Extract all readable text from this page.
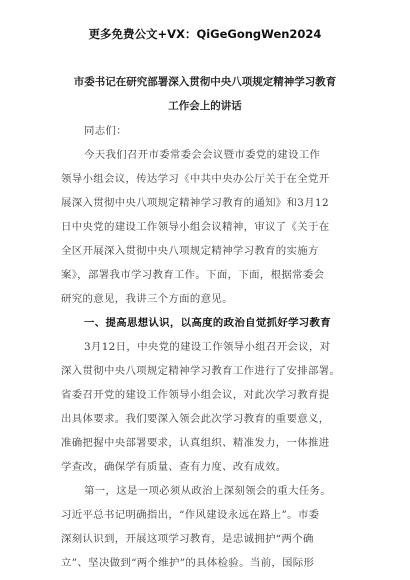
更多免费公文+VX：QiGeGongWen2024
市委书记在研究部署深入贯彻中央八项规定精神学习教育
工作会上的讲话
同志们：
今天我们召开市委常委会会议暨市委党的建设工作
领导小组会议，传达学习《中共中央办公厅关于在全党开
展深入贯彻中央八项规定精神学习教育的通知》和3月12
日中央党的建设工作领导小组会议精神，审议了《关于在
全区开展深入贯彻中央八项规定精神学习教育的实施方
案》，部署我市学习教育工作。下面，下面，根据常委会
研究的意见，我讲三个方面的意见。
一、提高思想认识，以高度的政治自觉抓好学习教育
3月12日，中央党的建设工作领导小组召开会议，对
深入贯彻中央八项规定精神学习教育工作进行了安排部署。
省委召开党的建设工作领导小组会议，对此次学习教育提
出具体要求。我们要深入领会此次学习教育的重要意义，
准确把握中央部署要求，认真组织、精准发力，一体推进
学查改，确保学有质量、查有力度、改有成效。
第一，这是一项必须从政治上深刻领会的重大任务。
习近平总书记明确指出，“作风建设永远在路上”。市委
深刻认识到，开展这项学习教育，是忠诚拥护“两个确
立”、坚决做到“两个维护”的具体检验。当前，国际形
